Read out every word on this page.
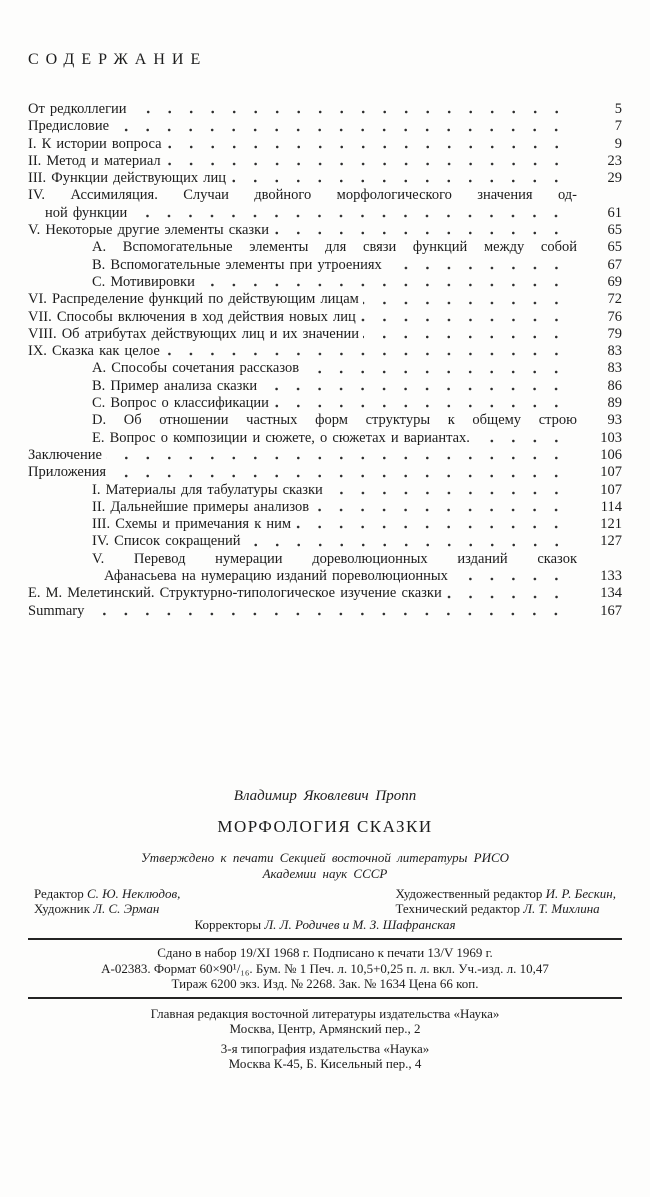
СОДЕРЖАНИЕ
От редколлегии	5
Предисловие	7
I. К истории вопроса	9
II. Метод и материал	23
III. Функции действующих лиц	29
IV. Ассимиляция. Случаи двойного морфологического значения од-
ной функции	61
V. Некоторые другие элементы сказки	65
А. Вспомогательные элементы для связи функций между собой	65
В. Вспомогательные элементы при утроениях	67
С. Мотивировки	69
VI. Распределение функций по действующим лицам	72
VII. Способы включения в ход действия новых лиц	76
VIII. Об атрибутах действующих лиц и их значении	79
IX. Сказка как целое	83
А. Способы сочетания рассказов	83
В. Пример анализа сказки	86
С. Вопрос о классификации	89
D. Об отношении частных форм структуры к общему строю	93
Е. Вопрос о композиции и сюжете, о сюжетах и вариантах.	103
Заключение	106
Приложения	107
I. Материалы для табулатуры сказки	107
II. Дальнейшие примеры анализов	114
III. Схемы и примечания к ним	121
IV. Список сокращений	127
V. Перевод нумерации дореволюционных изданий сказок
Афанасьева на нумерацию изданий пореволюционных	133
Е. М. Мелетинский. Структурно-типологическое изучение сказки	134
Summary	167
Владимир Яковлевич Пропп
МОРФОЛОГИЯ СКАЗКИ
Утверждено к печати Секцией восточной литературы РИСО
Академии наук СССР
Редактор С. Ю. Неклюдов,
Художник Л. С. Эрман
Художественный редактор И. Р. Бескин,
Технический редактор Л. Т. Михлина
Корректоры Л. Л. Родичев и М. З. Шафранская
Сдано в набор 19/XI 1968 г. Подписано к печати 13/V 1969 г.
А-02383. Формат 60×90¹/₁₆. Бум. № 1 Печ. л. 10,5+0,25 п. л. вкл. Уч.-изд. л. 10,47
Тираж 6200 экз. Изд. № 2268. Зак. № 1634 Цена 66 коп.
Главная редакция восточной литературы издательства «Наука»
Москва, Центр, Армянский пер., 2
3-я типография издательства «Наука»
Москва К-45, Б. Кисельный пер., 4
